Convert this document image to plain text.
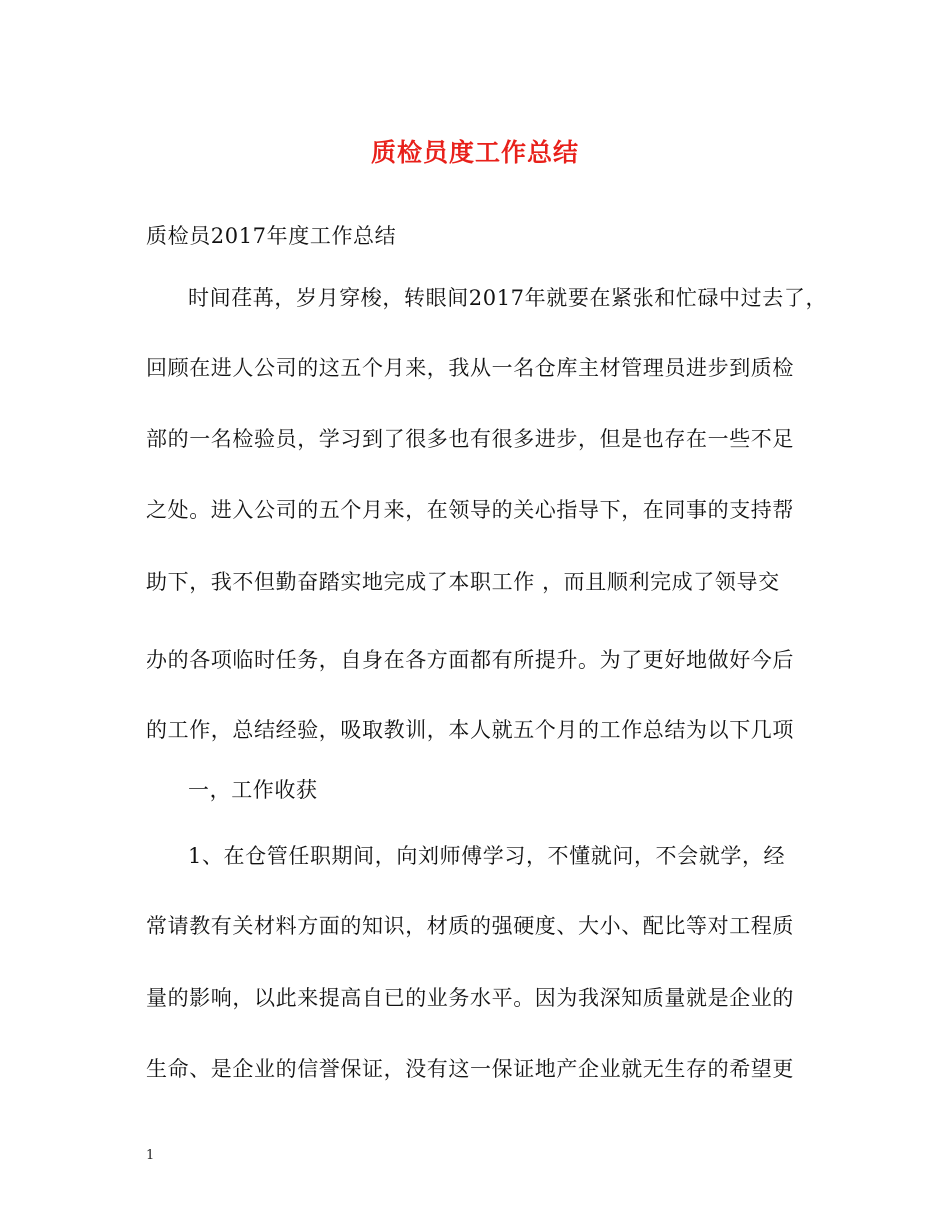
质检员度工作总结
质检员2017年度工作总结
时间荏苒，岁月穿梭，转眼间2017年就要在紧张和忙碌中过去了，
回顾在进人公司的这五个月来，我从一名仓库主材管理员进步到质检
部的一名检验员，学习到了很多也有很多进步，但是也存在一些不足
之处。进入公司的五个月来，在领导的关心指导下，在同事的支持帮
助下，我不但勤奋踏实地完成了本职工作 ，而且顺利完成了领导交
办的各项临时任务，自身在各方面都有所提升。为了更好地做好今后
的工作，总结经验，吸取教训，本人就五个月的工作总结为以下几项
一，工作收获
1、在仓管任职期间，向刘师傅学习，不懂就问，不会就学，经
常请教有关材料方面的知识，材质的强硬度、大小、配比等对工程质
量的影响，以此来提高自已的业务水平。因为我深知质量就是企业的
生命、是企业的信誉保证，没有这一保证地产企业就无生存的希望更
1
